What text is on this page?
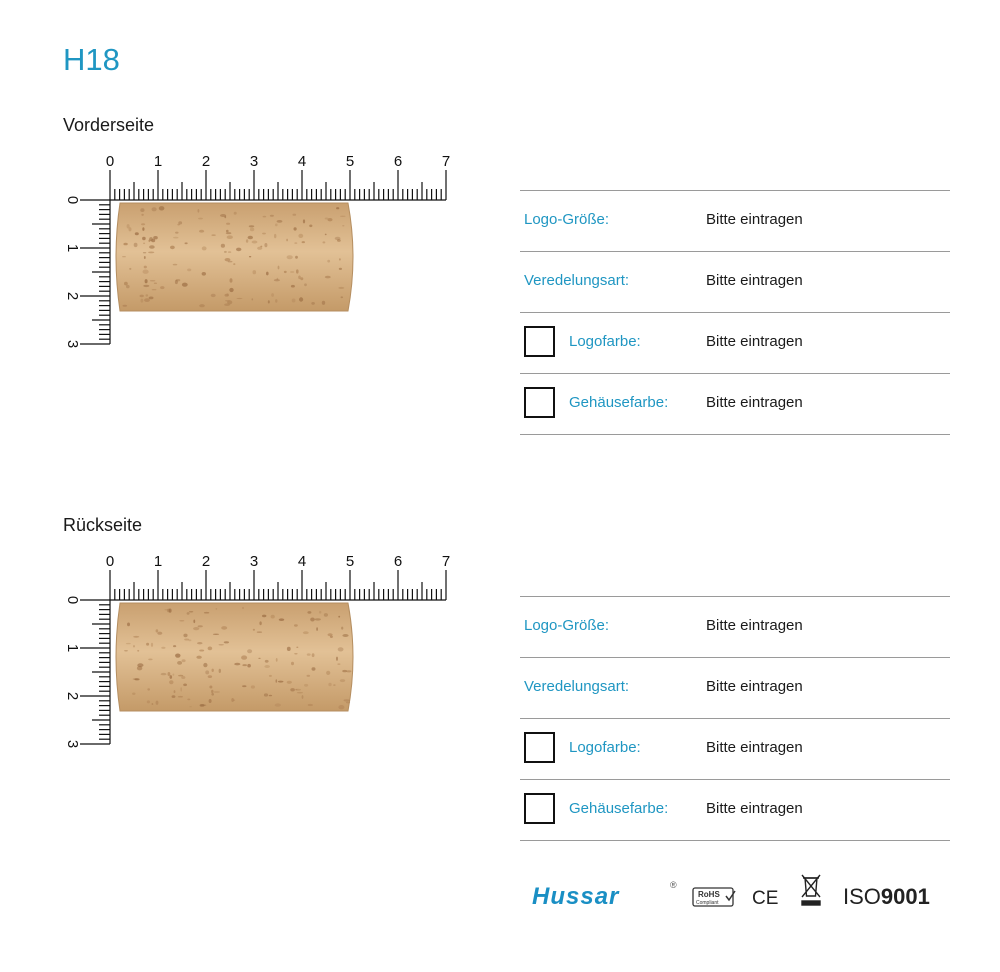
H18
Vorderseite
0	1	2	3	4	5	6	7
0
1
2
3
Logo-Größe:	Bitte eintragen
Veredelungsart:	Bitte eintragen
Logofarbe:	Bitte eintragen
Gehäusefarbe:	Bitte eintragen
Rückseite
0	1	2	3	4	5	6	7
0
1
2
3
Logo-Größe:	Bitte eintragen
Veredelungsart:	Bitte eintragen
Logofarbe:	Bitte eintragen
Gehäusefarbe:	Bitte eintragen
Hussar	®
RoHS
Compliant CE	ISO9001
